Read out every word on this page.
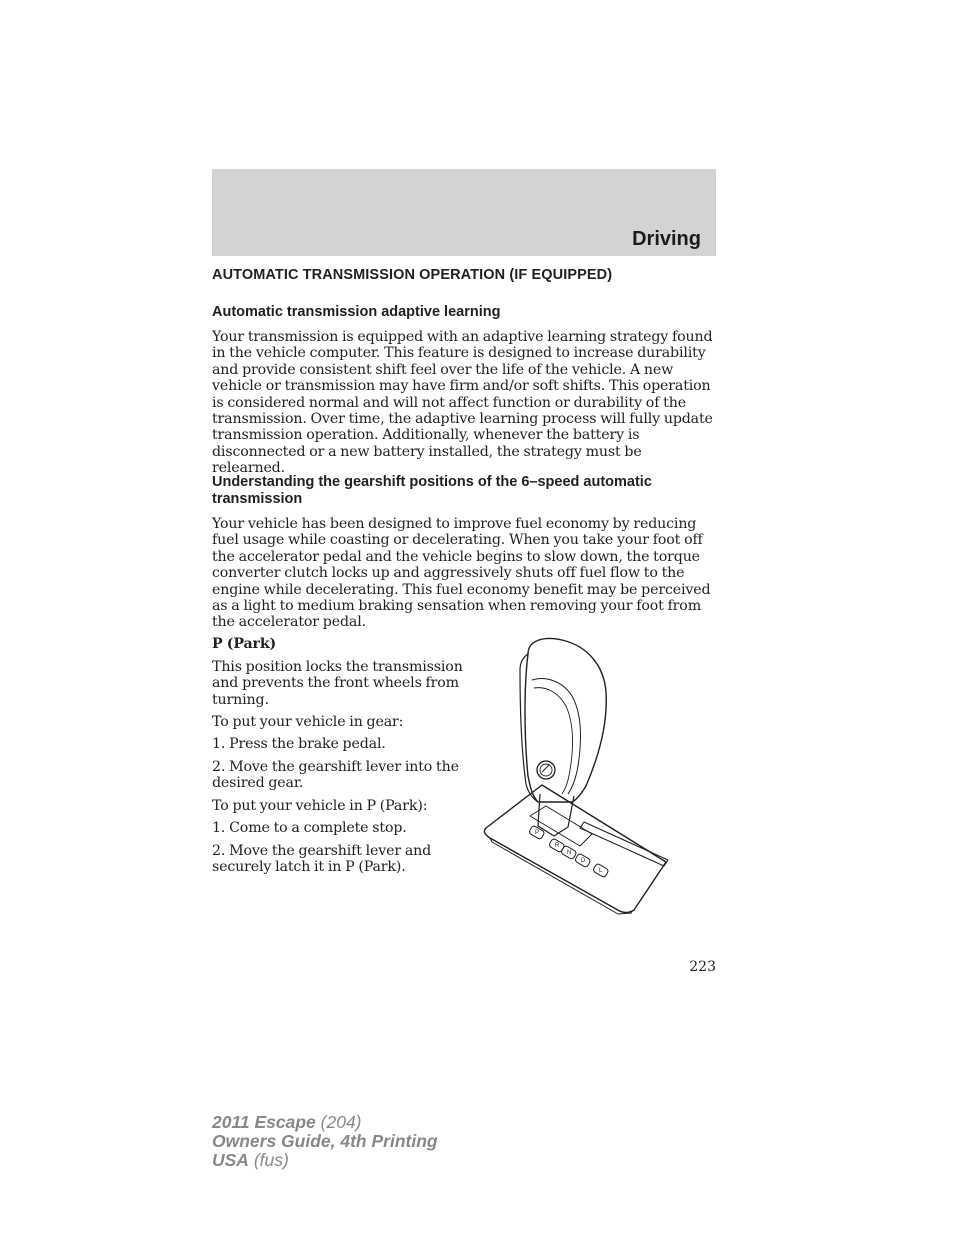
Driving
AUTOMATIC TRANSMISSION OPERATION (IF EQUIPPED)
Automatic transmission adaptive learning

Your transmission is equipped with an adaptive learning strategy found in the vehicle computer. This feature is designed to increase durability and provide consistent shift feel over the life of the vehicle. A new vehicle or transmission may have firm and/or soft shifts. This operation is considered normal and will not affect function or durability of the transmission. Over time, the adaptive learning process will fully update transmission operation. Additionally, whenever the battery is disconnected or a new battery installed, the strategy must be relearned.

Understanding the gearshift positions of the 6–speed automatic transmission

Your vehicle has been designed to improve fuel economy by reducing fuel usage while coasting or decelerating. When you take your foot off the accelerator pedal and the vehicle begins to slow down, the torque converter clutch locks up and aggressively shuts off fuel flow to the engine while decelerating. This fuel economy benefit may be perceived as a light to medium braking sensation when removing your foot from the accelerator pedal.

P (Park)

This position locks the transmission and prevents the front wheels from turning.

To put your vehicle in gear:

1. Press the brake pedal.

2. Move the gearshift lever into the desired gear.

To put your vehicle in P (Park):

1. Come to a complete stop.

2. Move the gearshift lever and securely latch it in P (Park).

P
R
N
D
L

223

2011 Escape (204)
Owners Guide, 4th Printing
USA (fus)
